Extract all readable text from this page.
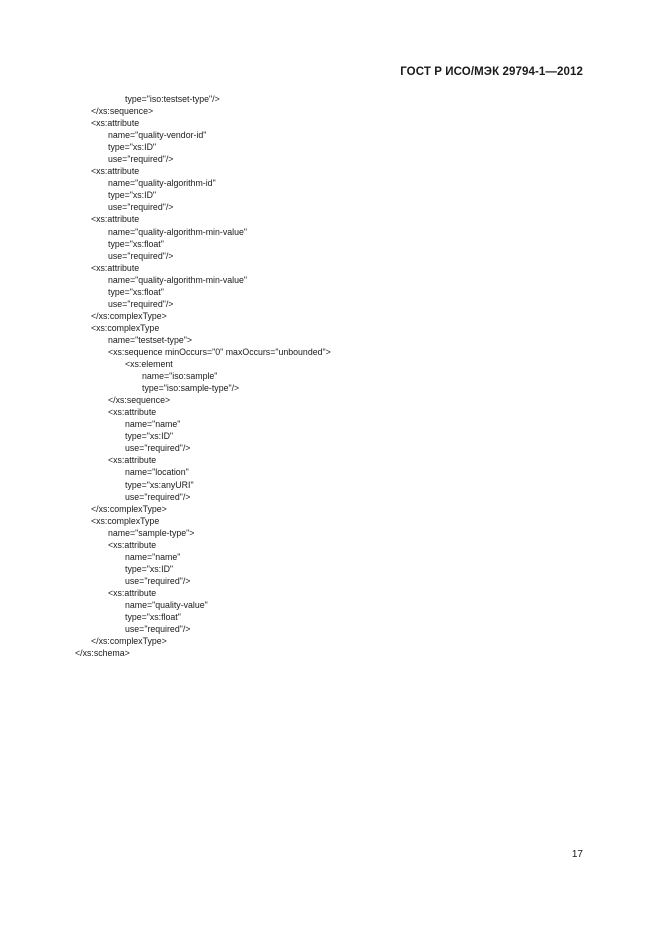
ГОСТ Р ИСО/МЭК 29794-1—2012
type="iso:testset-type"/>
</xs:sequence>
<xs:attribute
name="quality-vendor-id"
type="xs:ID"
use="required"/>
<xs:attribute
name="quality-algorithm-id"
type="xs:ID"
use="required"/>
<xs:attribute
name="quality-algorithm-min-value"
type="xs:float"
use="required"/>
<xs:attribute
name="quality-algorithm-min-value"
type="xs:float"
use="required"/>
</xs:complexType>
<xs:complexType
name="testset-type">
<xs:sequence minOccurs="0" maxOccurs="unbounded">
<xs:element
name="iso:sample"
type="iso:sample-type"/>
</xs:sequence>
<xs:attribute
name="name"
type="xs:ID"
use="required"/>
<xs:attribute
name="location"
type="xs:anyURI"
use="required"/>
</xs:complexType>
<xs:complexType
name="sample-type">
<xs:attribute
name="name"
type="xs:ID"
use="required"/>
<xs:attribute
name="quality-value"
type="xs:float"
use="required"/>
</xs:complexType>
</xs:schema>
17
